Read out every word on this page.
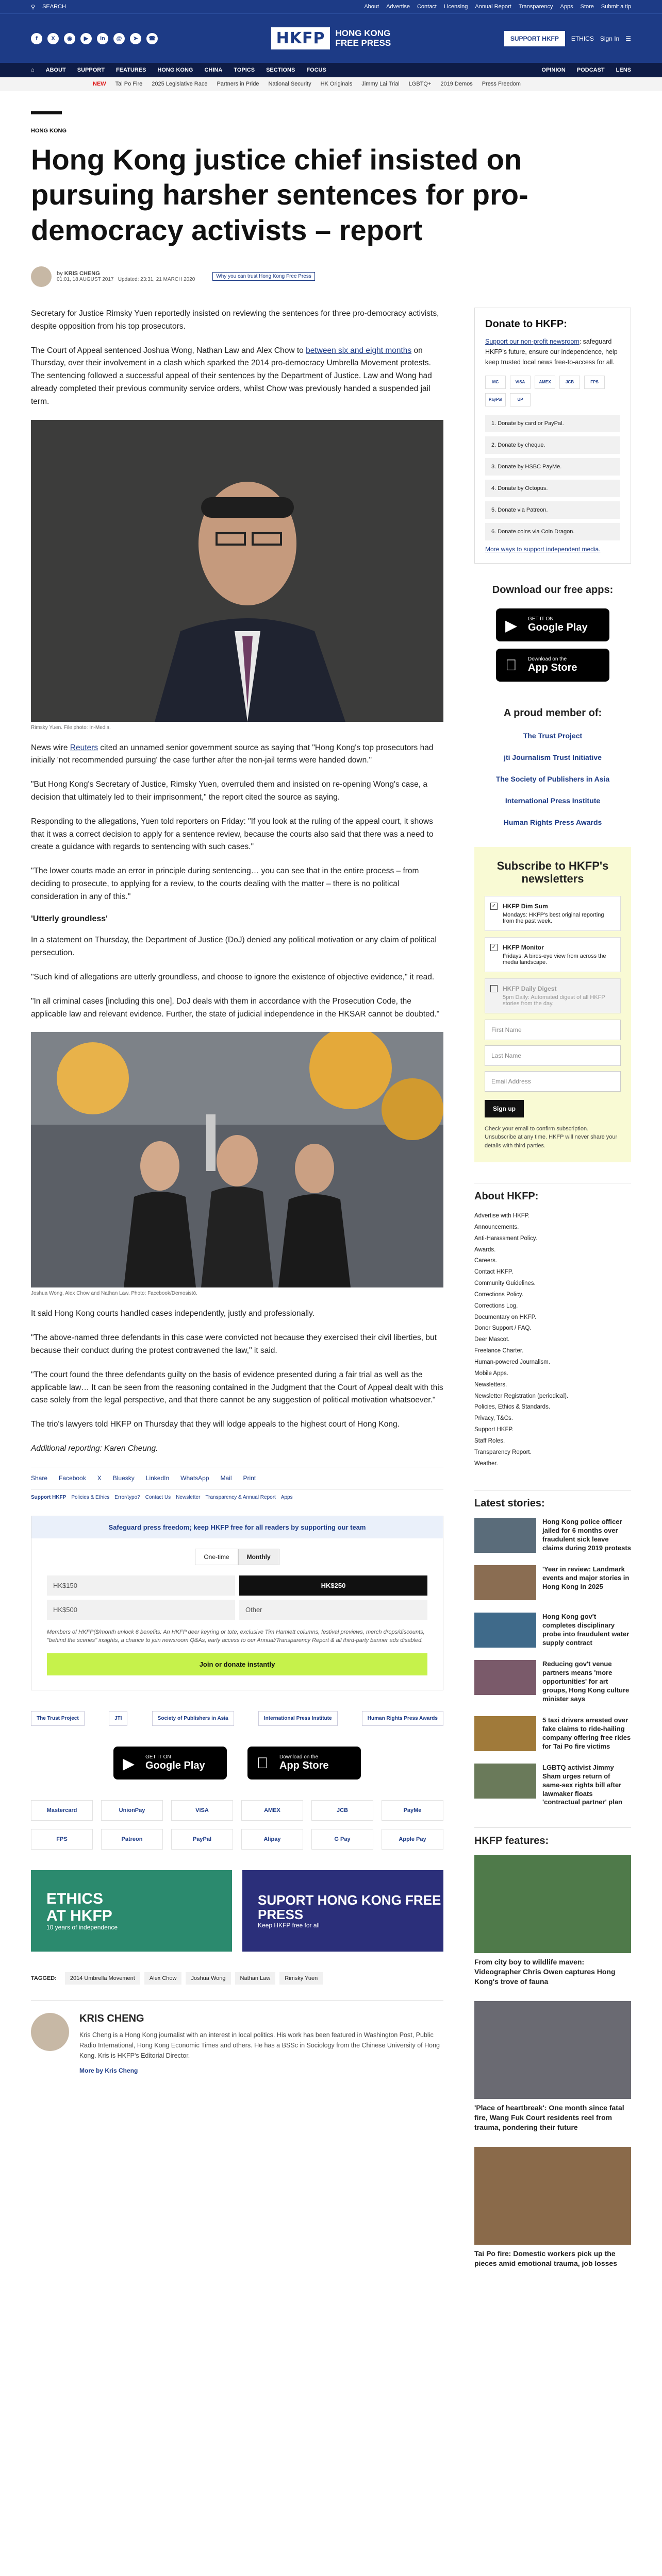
⚲ SEARCH	About Advertise Contact Licensing Annual Report Transparency Apps Store Submit a tip
f	X	◉	▶	in	@	➤	☎	HKFP	HONG KONG
FREE PRESS	SUPPORT HKFP	ETHICS Sign In ☰
⌂ ABOUT SUPPORT FEATURES HONG KONG CHINA TOPICS SECTIONS FOCUS	OPINION PODCAST LENS
NEW Tai Po Fire 2025 Legislative Race Partners in Pride National Security HK Originals Jimmy Lai Trial LGBTQ+ 2019 Demos Press Freedom
HONG KONG
Hong Kong justice chief insisted on pursuing harsher sentences for pro-democracy activists – report
by KRIS CHENG
01:01, 18 AUGUST 2017 Updated: 23:31, 21 MARCH 2020
Why you can trust Hong Kong Free Press

Secretary for Justice Rimsky Yuen reportedly insisted on reviewing the sentences for three pro-democracy activists, despite opposition from his top prosecutors.

The Court of Appeal sentenced Joshua Wong, Nathan Law and Alex Chow to between six and eight months on Thursday, over their involvement in a clash which sparked the 2014 pro-democracy Umbrella Movement protests. The sentencing followed a successful appeal of their sentences by the Department of Justice. Law and Wong had already completed their previous community service orders, whilst Chow was previously handed a suspended jail term.

Rimsky Yuen. File photo: In-Media.

News wire Reuters cited an unnamed senior government source as saying that "Hong Kong's top prosecutors had initially 'not recommended pursuing' the case further after the non-jail terms were handed down."

"But Hong Kong's Secretary of Justice, Rimsky Yuen, overruled them and insisted on re-opening Wong's case, a decision that ultimately led to their imprisonment," the report cited the source as saying.

Responding to the allegations, Yuen told reporters on Friday: "If you look at the ruling of the appeal court, it shows that it was a correct decision to apply for a sentence review, because the courts also said that there was a need to create a guidance with regards to sentencing with such cases."

"The lower courts made an error in principle during sentencing… you can see that in the entire process – from deciding to prosecute, to applying for a review, to the courts dealing with the matter – there is no political consideration in any of this."

'Utterly groundless'

In a statement on Thursday, the Department of Justice (DoJ) denied any political motivation or any claim of political persecution.

"Such kind of allegations are utterly groundless, and choose to ignore the existence of objective evidence," it read.

"In all criminal cases [including this one], DoJ deals with them in accordance with the Prosecution Code, the applicable law and relevant evidence. Further, the state of judicial independence in the HKSAR cannot be doubted."

Joshua Wong, Alex Chow and Nathan Law. Photo: Facebook/Demosistō.

It said Hong Kong courts handled cases independently, justly and professionally.

"The above-named three defendants in this case were convicted not because they exercised their civil liberties, but because their conduct during the protest contravened the law," it said.

"The court found the three defendants guilty on the basis of evidence presented during a fair trial as well as the applicable law… It can be seen from the reasoning contained in the Judgment that the Court of Appeal dealt with this case solely from the legal perspective, and that there cannot be any suggestion of political motivation whatsoever."

The trio's lawyers told HKFP on Thursday that they will lodge appeals to the highest court of Hong Kong.

Additional reporting: Karen Cheung.

Share Facebook X Bluesky LinkedIn WhatsApp Mail Print
Support HKFP Policies & Ethics Error/typo? Contact Us Newsletter Transparency & Annual Report Apps
Safeguard press freedom; keep HKFP free for all readers by supporting our team
One-time	Monthly
HK$150	HK$250
HK$500	Other
Members of HKFP($/month unlock 6 benefits: An HKFP deer keyring or tote; exclusive Tim Hamlett columns, festival previews, merch drops/discounts, "behind the scenes" insights, a chance to join newsroom Q&As, early access to our Annual/Transparency Report & all third-party banner ads disabled.
Join or donate instantly
The Trust Project	JTI	Society of Publishers in Asia	International Press Institute	Human Rights Press Awards
▶ GET IT ON
Google Play
Download on the
App Store
Mastercard	UnionPay	VISA	AMEX	JCB	PayMe
FPS	Patreon	PayPal	Alipay	G Pay	Apple Pay
ETHICS
AT HKFP
10 years of independence
SUPORT HONG KONG FREE PRESS
Keep HKFP free for all
TAGGED:	2014 Umbrella Movement	Alex Chow	Joshua Wong	Nathan Law	Rimsky Yuen
KRIS CHENG
Kris Cheng is a Hong Kong journalist with an interest in local politics. His work has been featured in Washington Post, Public Radio International, Hong Kong Economic Times and others. He has a BSSc in Sociology from the Chinese University of Hong Kong. Kris is HKFP's Editorial Director.
More by Kris Cheng
Donate to HKFP:
Support our non-profit newsroom: safeguard HKFP's future, ensure our independence, help keep trusted local news free-to-access for all.
MC	VISA	AMEX	JCB	FPS
PayPal	UP
1. Donate by card or PayPal.
2. Donate by cheque.
3. Donate by HSBC PayMe.
4. Donate by Octopus.
5. Donate via Patreon.
6. Donate coins via Coin Dragon.
More ways to support independent media.
Download our free apps:
▶ GET IT ON
Google Play
Download on the
App Store
A proud member of:
The Trust Project
jti Journalism Trust Initiative
The Society of Publishers in Asia
International Press Institute
Human Rights Press Awards
Subscribe to HKFP's newsletters
✓ HKFP Dim Sum
Mondays: HKFP's best original reporting from the past week.
✓ HKFP Monitor
Fridays: A birds-eye view from across the media landscape.
HKFP Daily Digest
5pm Daily: Automated digest of all HKFP stories from the day.
First Name
Last Name
Email Address
Sign up
Check your email to confirm subscription. Unsubscribe at any time. HKFP will never share your details with third parties.
About HKFP:
Advertise with HKFP.
Announcements.
Anti-Harassment Policy.
Awards.
Careers.
Contact HKFP.
Community Guidelines.
Corrections Policy.
Corrections Log.
Documentary on HKFP.
Donor Support / FAQ.
Deer Mascot.
Freelance Charter.
Human-powered Journalism.
Mobile Apps.
Newsletters.
Newsletter Registration (periodical).
Policies, Ethics & Standards.
Privacy, T&Cs.
Support HKFP.
Staff Roles.
Transparency Report.
Weather.
Latest stories:
Hong Kong police officer jailed for 6 months over fraudulent sick leave claims during 2019 protests
'Year in review: Landmark events and major stories in Hong Kong in 2025
Hong Kong gov't completes disciplinary probe into fraudulent water supply contract
Reducing gov't venue partners means 'more opportunities' for art groups, Hong Kong culture minister says
5 taxi drivers arrested over fake claims to ride-hailing company offering free rides for Tai Po fire victims
LGBTQ activist Jimmy Sham urges return of same-sex rights bill after lawmaker floats 'contractual partner' plan
HKFP features:
From city boy to wildlife maven: Videographer Chris Owen captures Hong Kong's trove of fauna
'Place of heartbreak': One month since fatal fire, Wang Fuk Court residents reel from trauma, pondering their future
Tai Po fire: Domestic workers pick up the pieces amid emotional trauma, job losses
